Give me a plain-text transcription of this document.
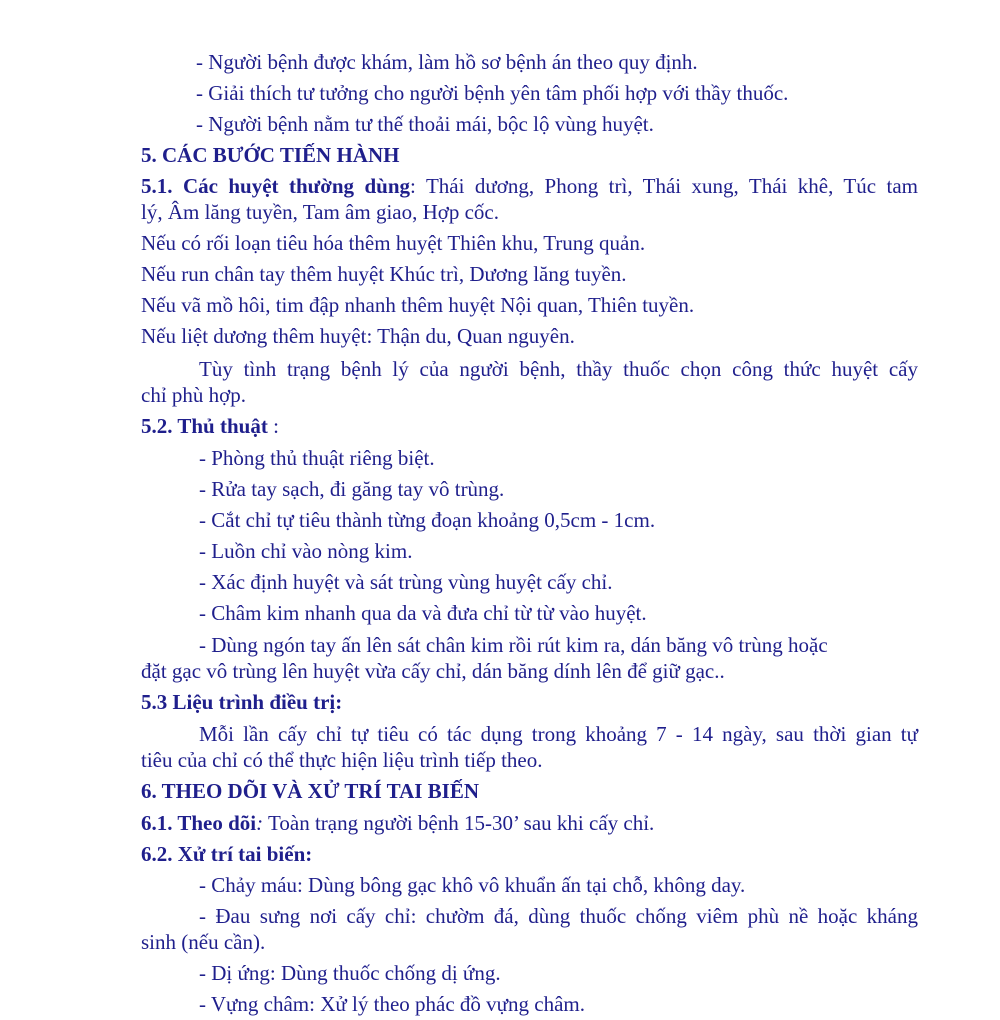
- Người bệnh được khám, làm hồ sơ bệnh án theo quy định.
- Giải thích tư tưởng cho người bệnh yên tâm phối hợp với thầy thuốc.
- Người bệnh nằm tư thế thoải mái, bộc lộ vùng huyệt.
5. CÁC BƯỚC TIẾN HÀNH
5.1. Các huyệt thường dùng: Thái dương, Phong trì, Thái xung, Thái khê, Túc tam
lý, Âm lăng tuyền, Tam âm giao, Hợp cốc.
Nếu có rối loạn tiêu hóa thêm huyệt Thiên khu, Trung quản.
Nếu run chân tay thêm huyệt Khúc trì, Dương lăng tuyền.
Nếu vã mồ hôi, tim đập nhanh thêm huyệt Nội quan, Thiên tuyền.
Nếu liệt dương thêm huyệt: Thận du, Quan nguyên.
Tùy tình trạng bệnh lý của người bệnh, thầy thuốc chọn công thức huyệt cấy
chỉ phù hợp.
5.2. Thủ thuật :
- Phòng thủ thuật riêng biệt.
- Rửa tay sạch, đi găng tay vô trùng.
- Cắt chỉ tự tiêu thành từng đoạn khoảng 0,5cm - 1cm.
- Luồn chỉ vào nòng kim.
- Xác định huyệt và sát trùng vùng huyệt cấy chỉ.
- Châm kim nhanh qua da và đưa chỉ từ từ vào huyệt.
- Dùng ngón tay ấn lên sát chân kim rồi rút kim ra, dán băng vô trùng hoặc
đặt gạc vô trùng lên huyệt vừa cấy chỉ, dán băng dính lên để giữ gạc..
5.3 Liệu trình điều trị:
Mỗi lần cấy chỉ tự tiêu có tác dụng trong khoảng 7 - 14 ngày, sau thời gian tự
tiêu của chỉ có thể thực hiện liệu trình tiếp theo.
6. THEO DÕI VÀ XỬ TRÍ TAI BIẾN
6.1. Theo dõi: Toàn trạng người bệnh 15-30’ sau khi cấy chỉ.
6.2. Xử trí tai biến:
- Chảy máu: Dùng bông gạc khô vô khuẩn ấn tại chỗ, không day.
- Đau sưng nơi cấy chỉ: chườm đá, dùng thuốc chống viêm phù nề hoặc kháng
sinh (nếu cần).
- Dị ứng: Dùng thuốc chống dị ứng.
- Vựng châm: Xử lý theo phác đồ vựng châm.
